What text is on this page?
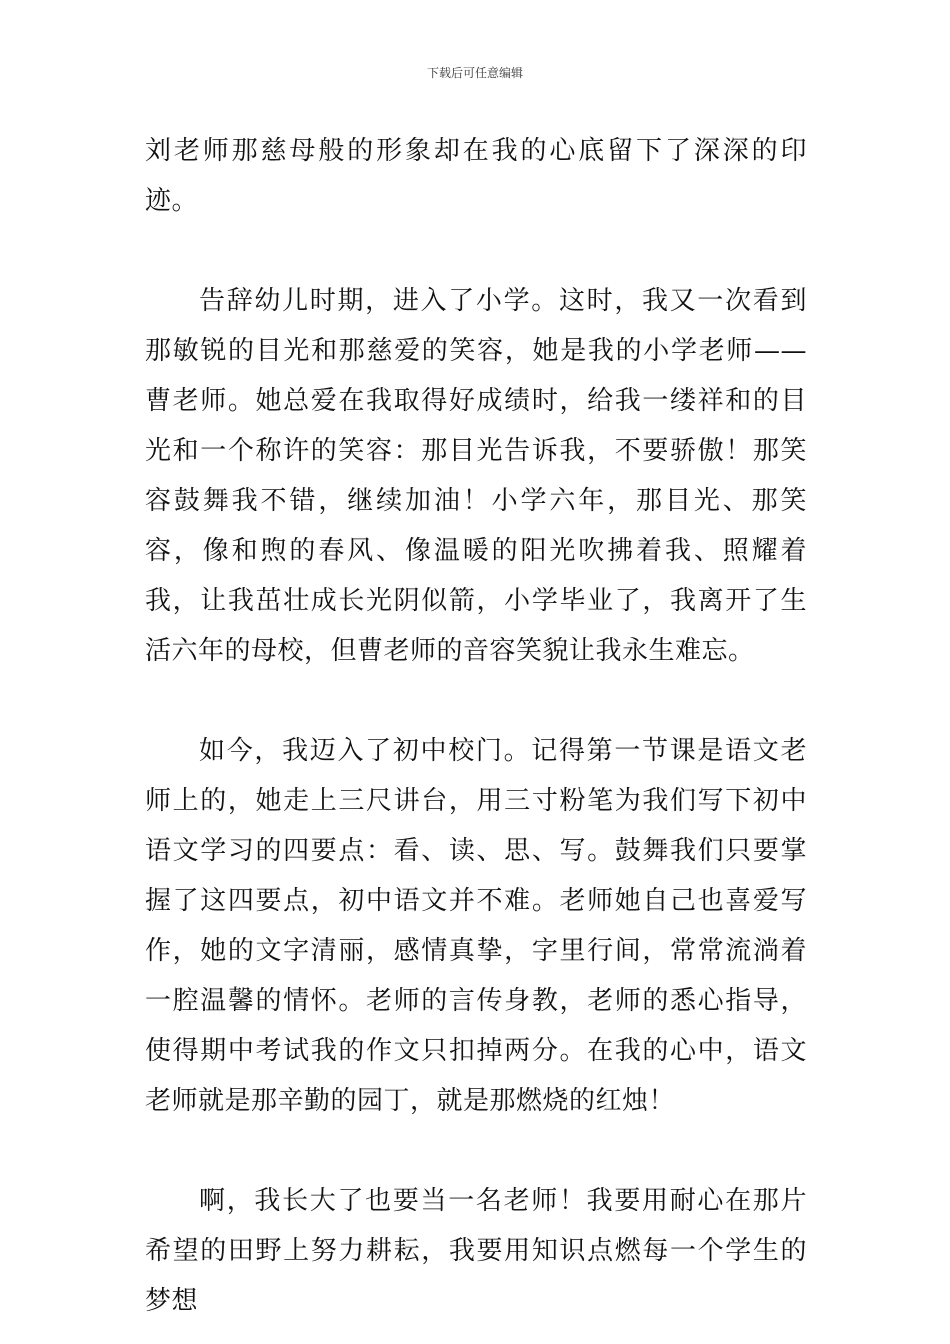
下载后可任意编辑

刘老师那慈母般的形象却在我的心底留下了深深的印迹。

告辞幼儿时期，进入了小学。这时，我又一次看到那敏锐的目光和那慈爱的笑容，她是我的小学老师——曹老师。她总爱在我取得好成绩时，给我一缕祥和的目光和一个称许的笑容：那目光告诉我，不要骄傲！那笑容鼓舞我不错，继续加油！小学六年，那目光、那笑容，像和煦的春风、像温暖的阳光吹拂着我、照耀着我，让我茁壮成长光阴似箭，小学毕业了，我离开了生活六年的母校，但曹老师的音容笑貌让我永生难忘。

如今，我迈入了初中校门。记得第一节课是语文老师上的，她走上三尺讲台，用三寸粉笔为我们写下初中语文学习的四要点：看、读、思、写。鼓舞我们只要掌握了这四要点，初中语文并不难。老师她自己也喜爱写作，她的文字清丽，感情真挚，字里行间，常常流淌着一腔温馨的情怀。老师的言传身教，老师的悉心指导，使得期中考试我的作文只扣掉两分。在我的心中，语文老师就是那辛勤的园丁，就是那燃烧的红烛！

啊，我长大了也要当一名老师！我要用耐心在那片希望的田野上努力耕耘，我要用知识点燃每一个学生的梦想
